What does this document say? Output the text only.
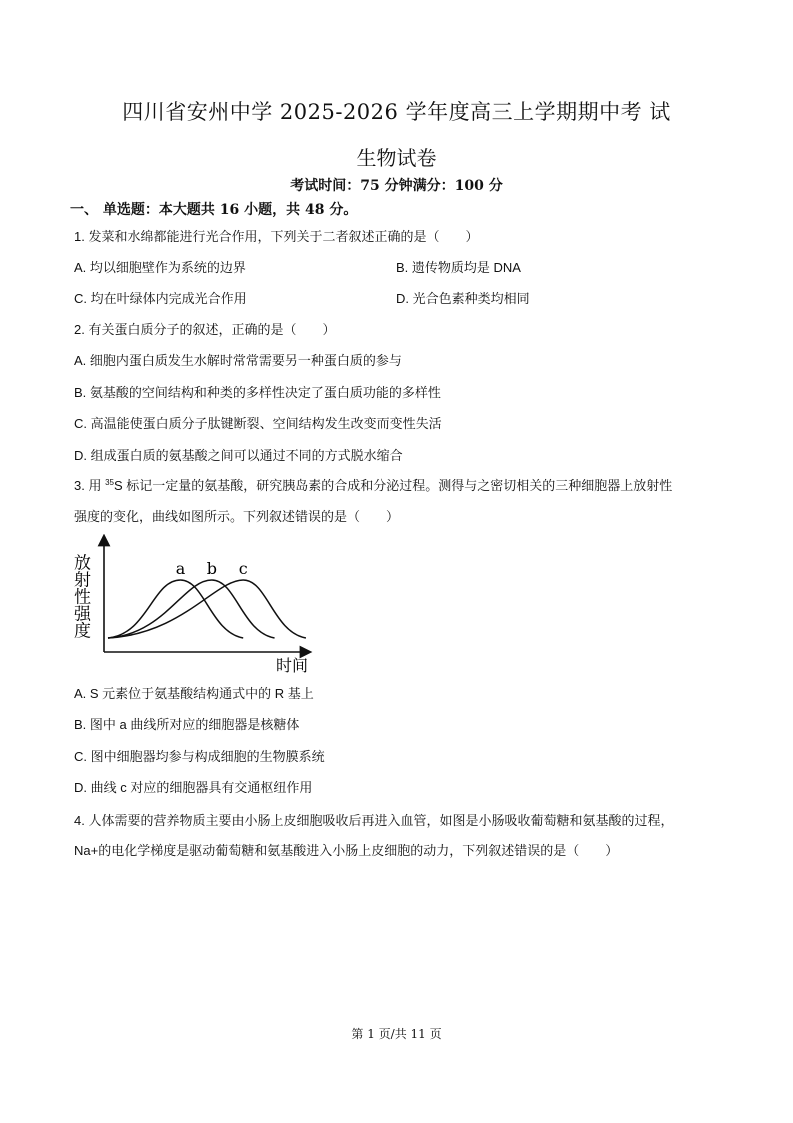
四川省安州中学 2025-2026 学年度高三上学期期中考 试
生物试卷
考试时间：75 分钟满分：100 分
一、 单选题：本大题共 16 小题，共 48 分。
1. 发菜和水绵都能进行光合作用，下列关于二者叙述正确的是（　　）
A. 均以细胞壁作为系统的边界	B. 遗传物质均是 DNA
C. 均在叶绿体内完成光合作用	D. 光合色素种类均相同
2. 有关蛋白质分子的叙述，正确的是（　　）
A. 细胞内蛋白质发生水解时常常需要另一种蛋白质的参与
B. 氨基酸的空间结构和种类的多样性决定了蛋白质功能的多样性
C. 高温能使蛋白质分子肽键断裂、空间结构发生改变而变性失活
D. 组成蛋白质的氨基酸之间可以通过不同的方式脱水缩合
3. 用 $^{35}$S 标记一定量的氨基酸，研究胰岛素的合成和分泌过程。测得与之密切相关的三种细胞器上放射性
强度的变化，曲线如图所示。下列叙述错误的是（　　）
放射性强度
时间
a b c
A. S 元素位于氨基酸结构通式中的 R 基上
B. 图中 a 曲线所对应的细胞器是核糖体
C. 图中细胞器均参与构成细胞的生物膜系统
D. 曲线 c 对应的细胞器具有交通枢纽作用
4. 人体需要的营养物质主要由小肠上皮细胞吸收后再进入血管，如图是小肠吸收葡萄糖和氨基酸的过程，
Na+的电化学梯度是驱动葡萄糖和氨基酸进入小肠上皮细胞的动力，下列叙述错误的是（　　）
第 1 页/共 11 页
